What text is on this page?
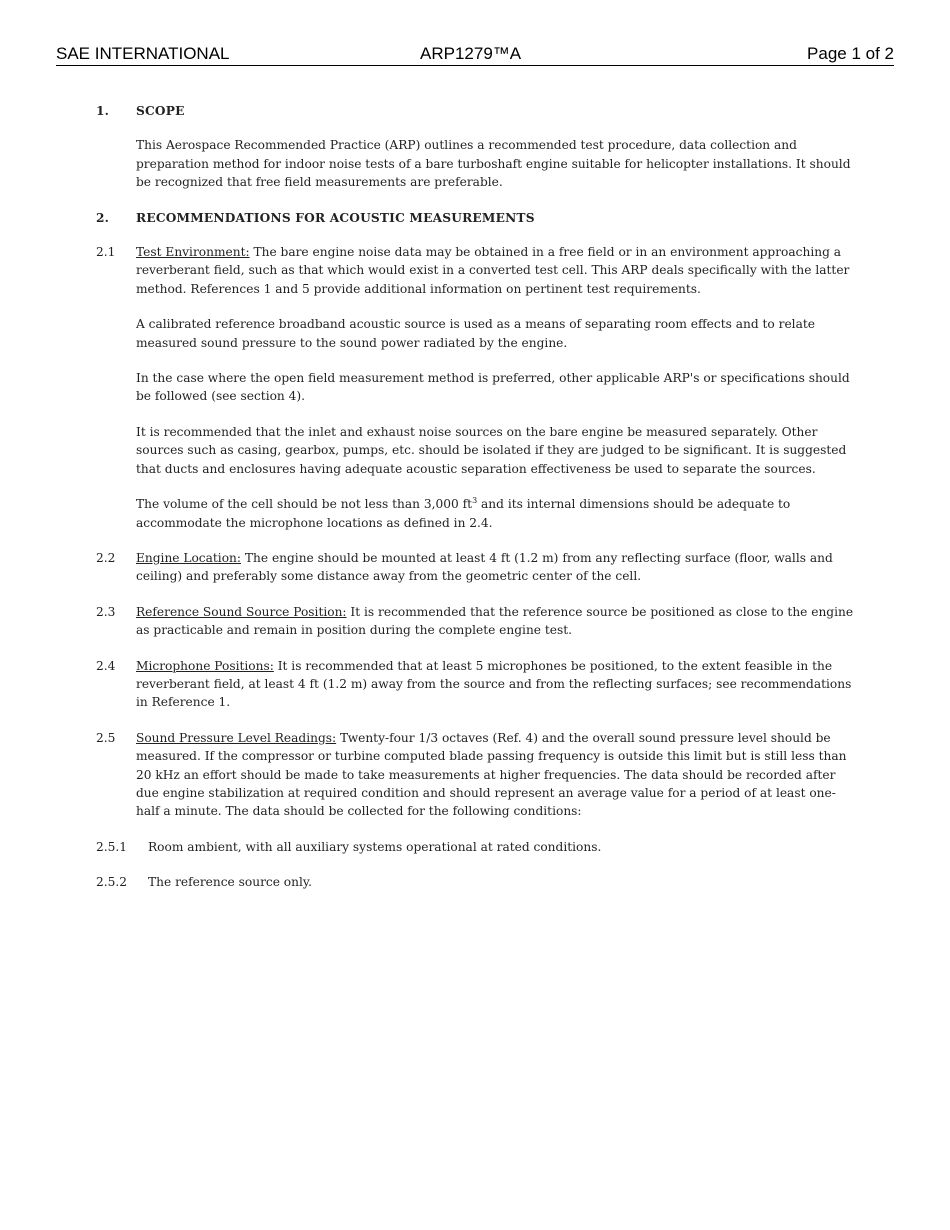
SAE INTERNATIONAL	ARP1279™A	Page 1 of 2
1.	SCOPE

This Aerospace Recommended Practice (ARP) outlines a recommended test procedure, data collection and preparation method for indoor noise tests of a bare turboshaft engine suitable for helicopter installations. It should be recognized that free field measurements are preferable.

2.	RECOMMENDATIONS FOR ACOUSTIC MEASUREMENTS
2.1	Test Environment: The bare engine noise data may be obtained in a free field or in an environment approaching a reverberant field, such as that which would exist in a converted test cell. This ARP deals specifically with the latter method. References 1 and 5 provide additional information on pertinent test requirements.

A calibrated reference broadband acoustic source is used as a means of separating room effects and to relate measured sound pressure to the sound power radiated by the engine.

In the case where the open field measurement method is preferred, other applicable ARP's or specifications should be followed (see section 4).

It is recommended that the inlet and exhaust noise sources on the bare engine be measured separately. Other sources such as casing, gearbox, pumps, etc. should be isolated if they are judged to be significant. It is suggested that ducts and enclosures having adequate acoustic separation effectiveness be used to separate the sources.

The volume of the cell should be not less than 3,000 $ft^3$ and its internal dimensions should be adequate to accommodate the microphone locations as defined in 2.4.

2.2	Engine Location: The engine should be mounted at least 4 ft (1.2 m) from any reflecting surface (floor, walls and ceiling) and preferably some distance away from the geometric center of the cell.

2.3	Reference Sound Source Position: It is recommended that the reference source be positioned as close to the engine as practicable and remain in position during the complete engine test.

2.4	Microphone Positions: It is recommended that at least 5 microphones be positioned, to the extent feasible in the reverberant field, at least 4 ft (1.2 m) away from the source and from the reflecting surfaces; see recommendations in Reference 1.

2.5	Sound Pressure Level Readings: Twenty-four 1/3 octaves (Ref. 4) and the overall sound pressure level should be measured. If the compressor or turbine computed blade passing frequency is outside this limit but is still less than 20 kHz an effort should be made to take measurements at higher frequencies. The data should be recorded after due engine stabilization at required condition and should represent an average value for a period of at least one-half a minute. The data should be collected for the following conditions:

2.5.1	Room ambient, with all auxiliary systems operational at rated conditions.

2.5.2	The reference source only.
